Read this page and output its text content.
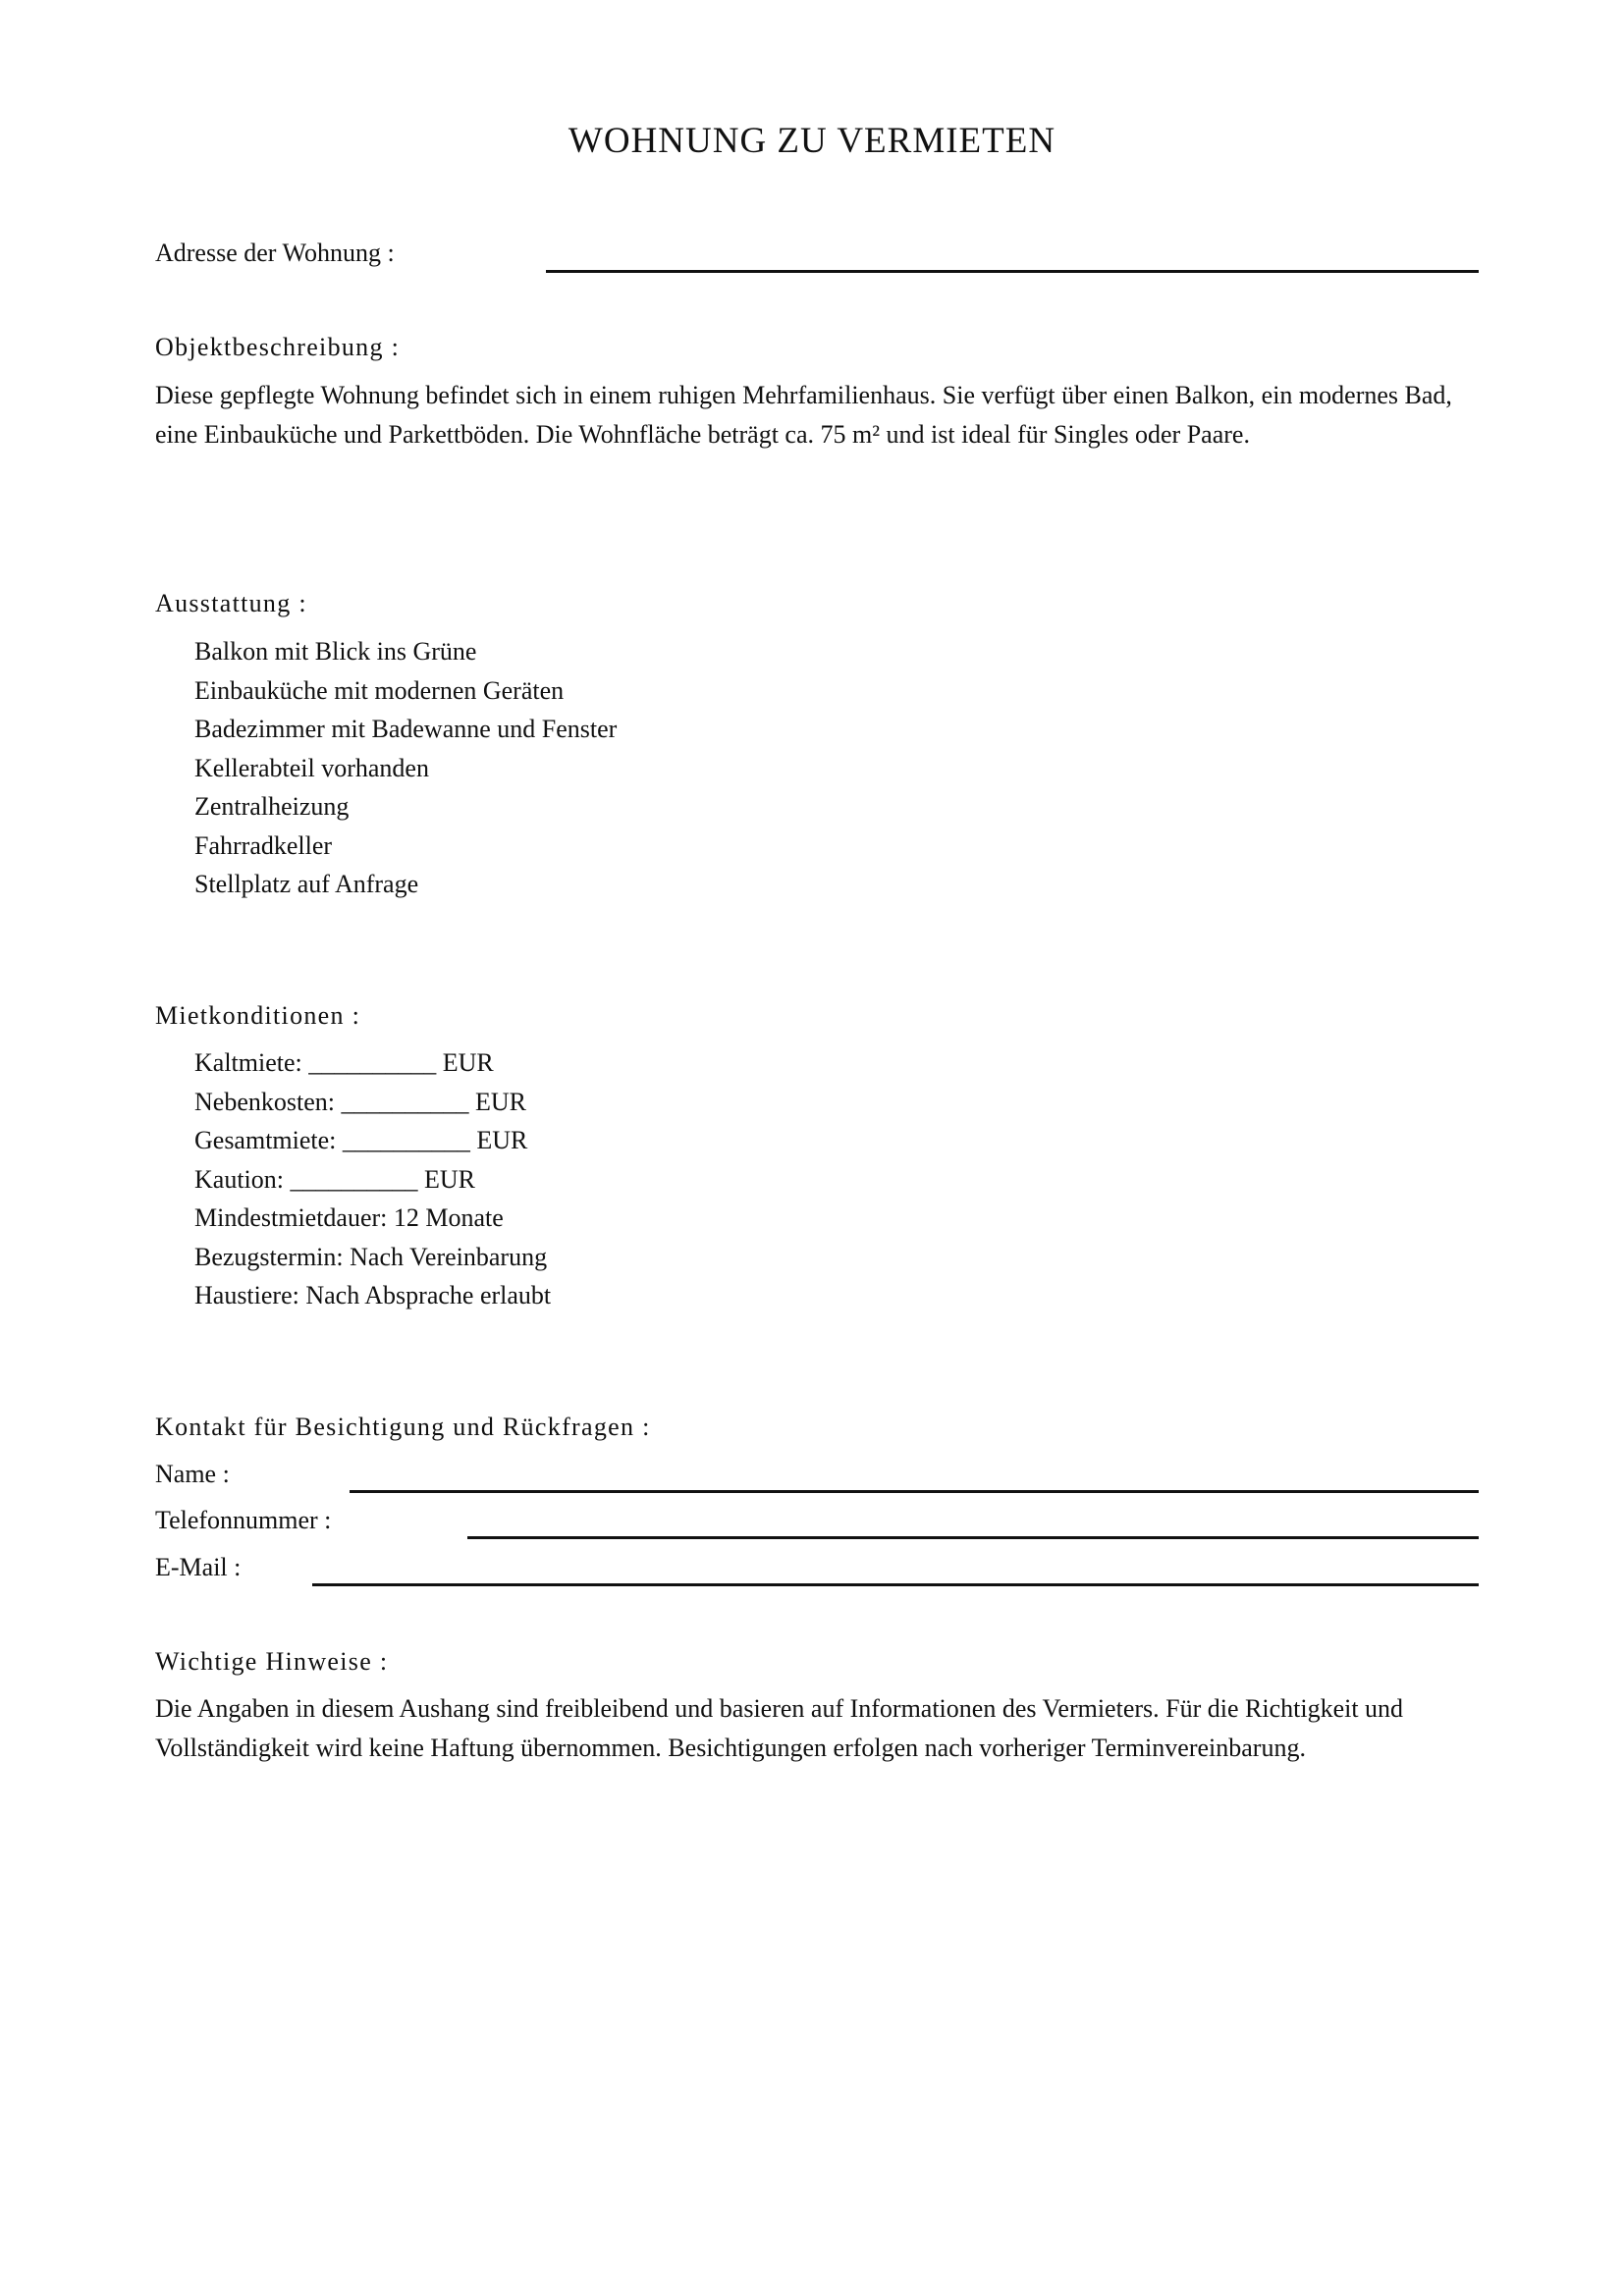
WOHNUNG ZU VERMIETEN
Adresse der Wohnung :
Objektbeschreibung :
Diese gepflegte Wohnung befindet sich in einem ruhigen Mehrfamilienhaus. Sie verfügt über einen Balkon, ein modernes Bad, eine Einbauküche und Parkettböden. Die Wohnfläche beträgt ca. 75 m² und ist ideal für Singles oder Paare.
Ausstattung :
Balkon mit Blick ins Grüne
Einbauküche mit modernen Geräten
Badezimmer mit Badewanne und Fenster
Kellerabteil vorhanden
Zentralheizung
Fahrradkeller
Stellplatz auf Anfrage
Mietkonditionen :
Kaltmiete: __________ EUR
Nebenkosten: __________ EUR
Gesamtmiete: __________ EUR
Kaution: __________ EUR
Mindestmietdauer: 12 Monate
Bezugstermin: Nach Vereinbarung
Haustiere: Nach Absprache erlaubt
Kontakt für Besichtigung und Rückfragen :
Name :
Telefonnummer :
E-Mail :
Wichtige Hinweise :
Die Angaben in diesem Aushang sind freibleibend und basieren auf Informationen des Vermieters. Für die Richtigkeit und Vollständigkeit wird keine Haftung übernommen. Besichtigungen erfolgen nach vorheriger Terminvereinbarung.
